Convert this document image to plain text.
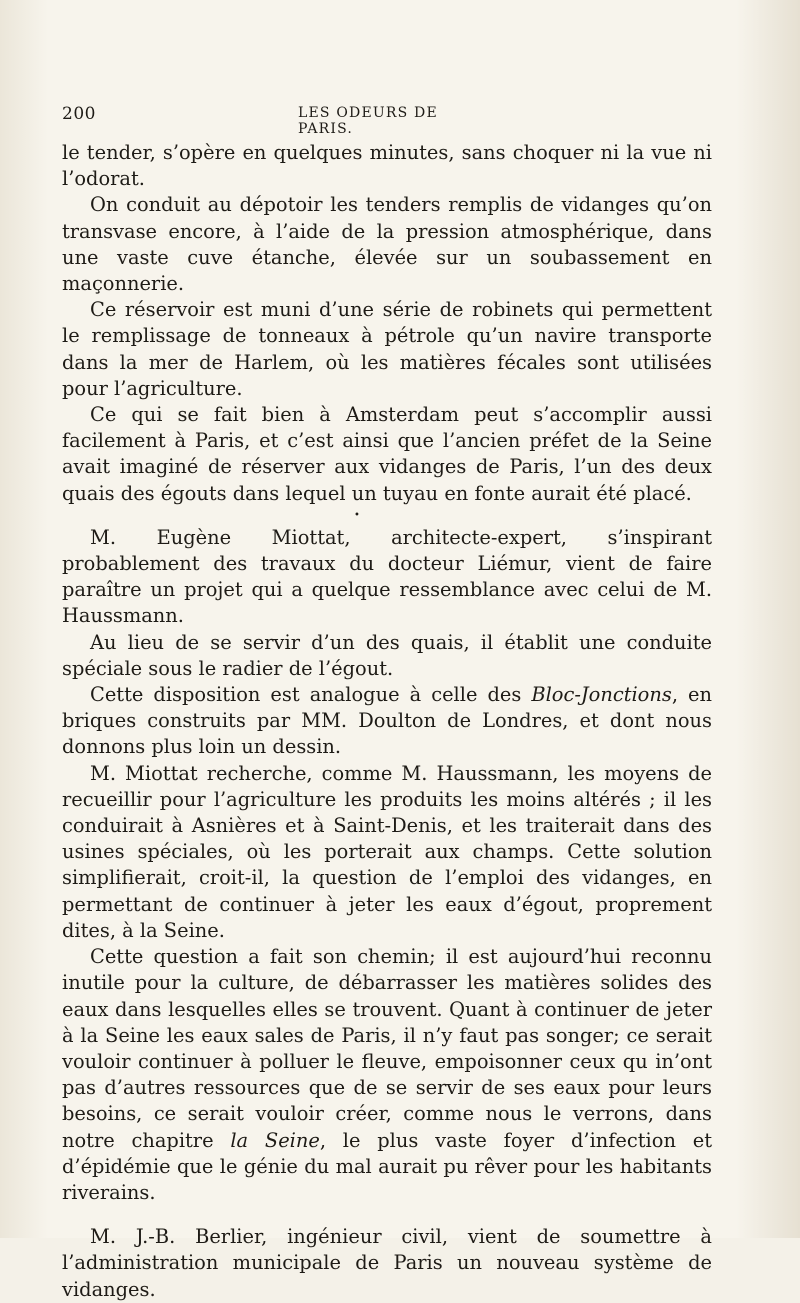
200	LES ODEURS DE PARIS.

le tender, s’opère en quelques minutes, sans choquer ni la vue ni l’odorat.

On conduit au dépotoir les tenders remplis de vidanges qu’on transvase encore, à l’aide de la pression atmosphérique, dans une vaste cuve étanche, élevée sur un soubassement en maçonnerie.

Ce réservoir est muni d’une série de robinets qui permettent le remplissage de tonneaux à pétrole qu’un navire transporte dans la mer de Harlem, où les matières fécales sont utilisées pour l’agriculture.

Ce qui se fait bien à Amsterdam peut s’accomplir aussi facilement à Paris, et c’est ainsi que l’ancien préfet de la Seine avait imaginé de réserver aux vidanges de Paris, l’un des deux quais des égouts dans lequel un tuyau en fonte aurait été placé.

•

M. Eugène Miottat, architecte-expert, s’inspirant probablement des travaux du docteur Liémur, vient de faire paraître un projet qui a quelque ressemblance avec celui de M. Haussmann.

Au lieu de se servir d’un des quais, il établit une conduite spéciale sous le radier de l’égout.

Cette disposition est analogue à celle des Bloc-Jonctions, en briques construits par MM. Doulton de Londres, et dont nous donnons plus loin un dessin.

M. Miottat recherche, comme M. Haussmann, les moyens de recueillir pour l’agriculture les produits les moins altérés ; il les conduirait à Asnières et à Saint-Denis, et les traiterait dans des usines spéciales, où les porterait aux champs. Cette solution simplifierait, croit-il, la question de l’emploi des vidanges, en permettant de continuer à jeter les eaux d’égout, proprement dites, à la Seine.

Cette question a fait son chemin; il est aujourd’hui reconnu inutile pour la culture, de débarrasser les matières solides des eaux dans lesquelles elles se trouvent. Quant à continuer de jeter à la Seine les eaux sales de Paris, il n’y faut pas songer; ce serait vouloir continuer à polluer le fleuve, empoisonner ceux qu in’ont pas d’autres ressources que de se servir de ses eaux pour leurs besoins, ce serait vouloir créer, comme nous le verrons, dans notre chapitre la Seine, le plus vaste foyer d’infection et d’épidémie que le génie du mal aurait pu rêver pour les habitants riverains.

M. J.-B. Berlier, ingénieur civil, vient de soumettre à l’administration municipale de Paris un nouveau système de vidanges.
